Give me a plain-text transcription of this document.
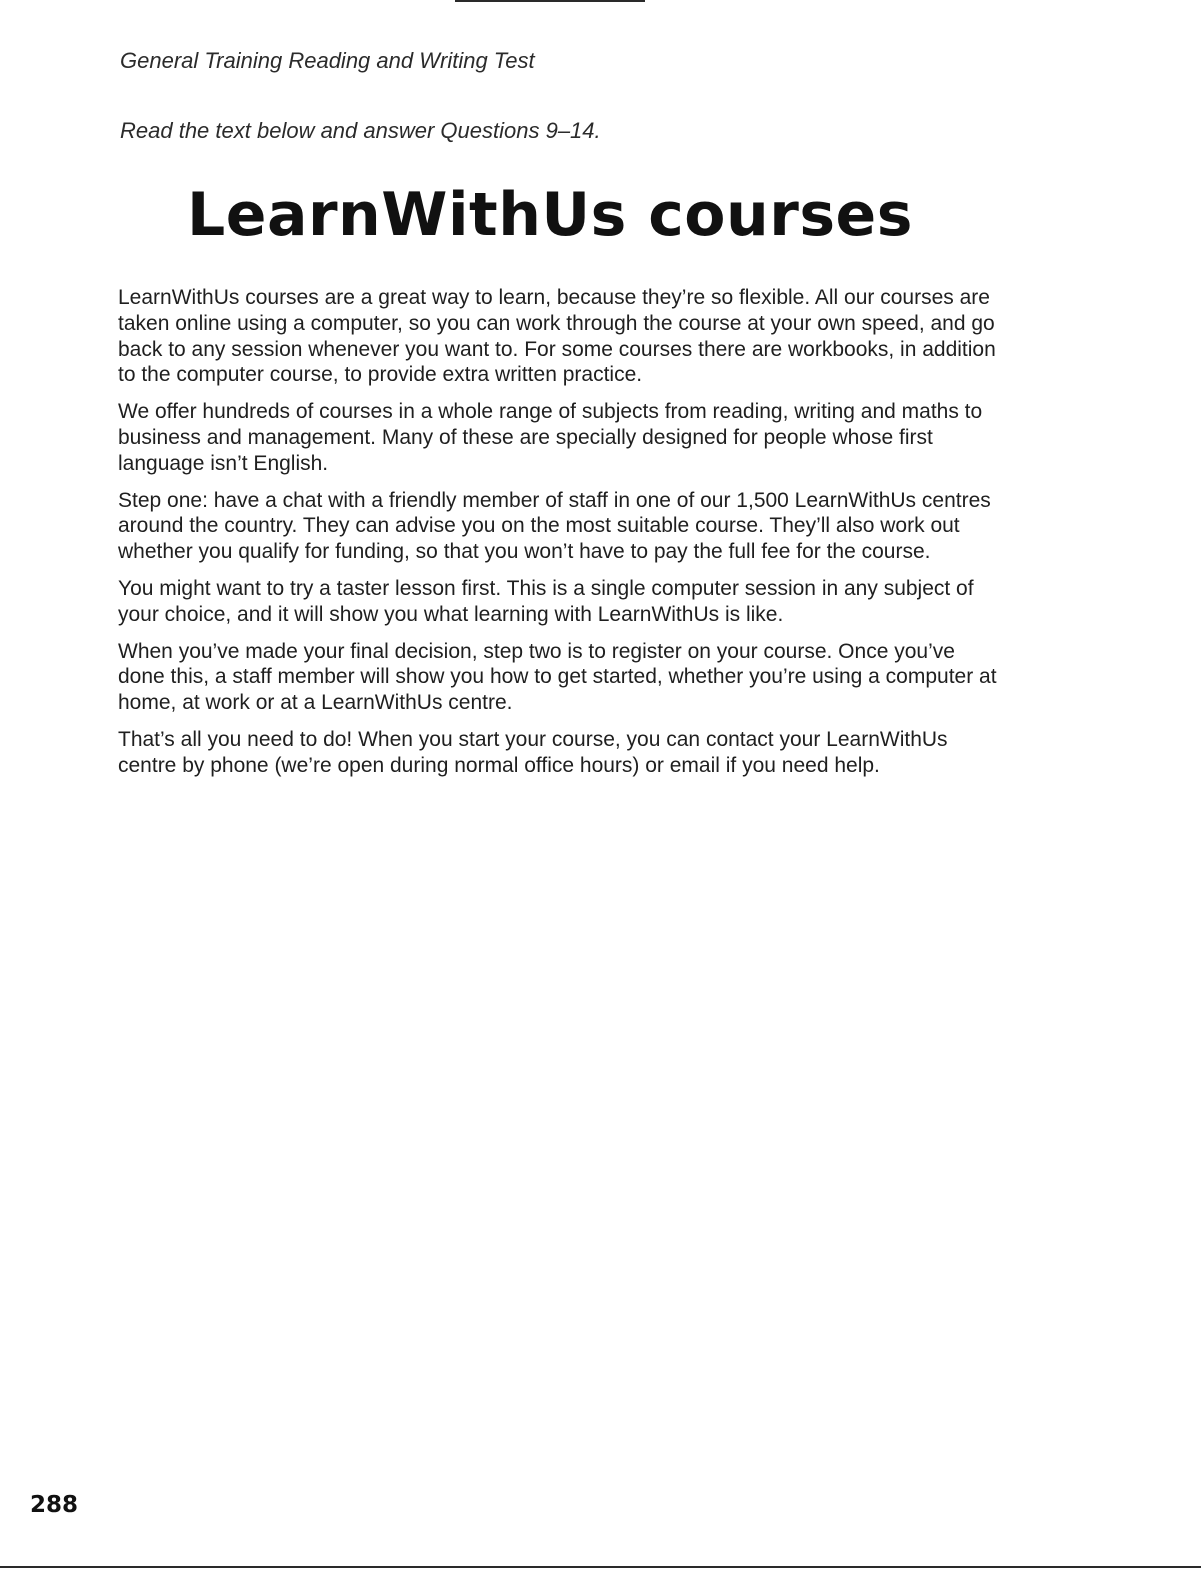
General Training Reading and Writing Test
Read the text below and answer Questions 9–14.
LearnWithUs courses

LearnWithUs courses are a great way to learn, because they’re so flexible. All our courses are taken online using a computer, so you can work through the course at your own speed, and go back to any session whenever you want to. For some courses there are workbooks, in addition to the computer course, to provide extra written practice.

We offer hundreds of courses in a whole range of subjects from reading, writing and maths to business and management. Many of these are specially designed for people whose first language isn’t English.

Step one: have a chat with a friendly member of staff in one of our 1,500 LearnWithUs centres around the country. They can advise you on the most suitable course. They’ll also work out whether you qualify for funding, so that you won’t have to pay the full fee for the course.

You might want to try a taster lesson first. This is a single computer session in any subject of your choice, and it will show you what learning with LearnWithUs is like.

When you’ve made your final decision, step two is to register on your course. Once you’ve done this, a staff member will show you how to get started, whether you’re using a computer at home, at work or at a LearnWithUs centre.

That’s all you need to do! When you start your course, you can contact your LearnWithUs centre by phone (we’re open during normal office hours) or email if you need help.

288
